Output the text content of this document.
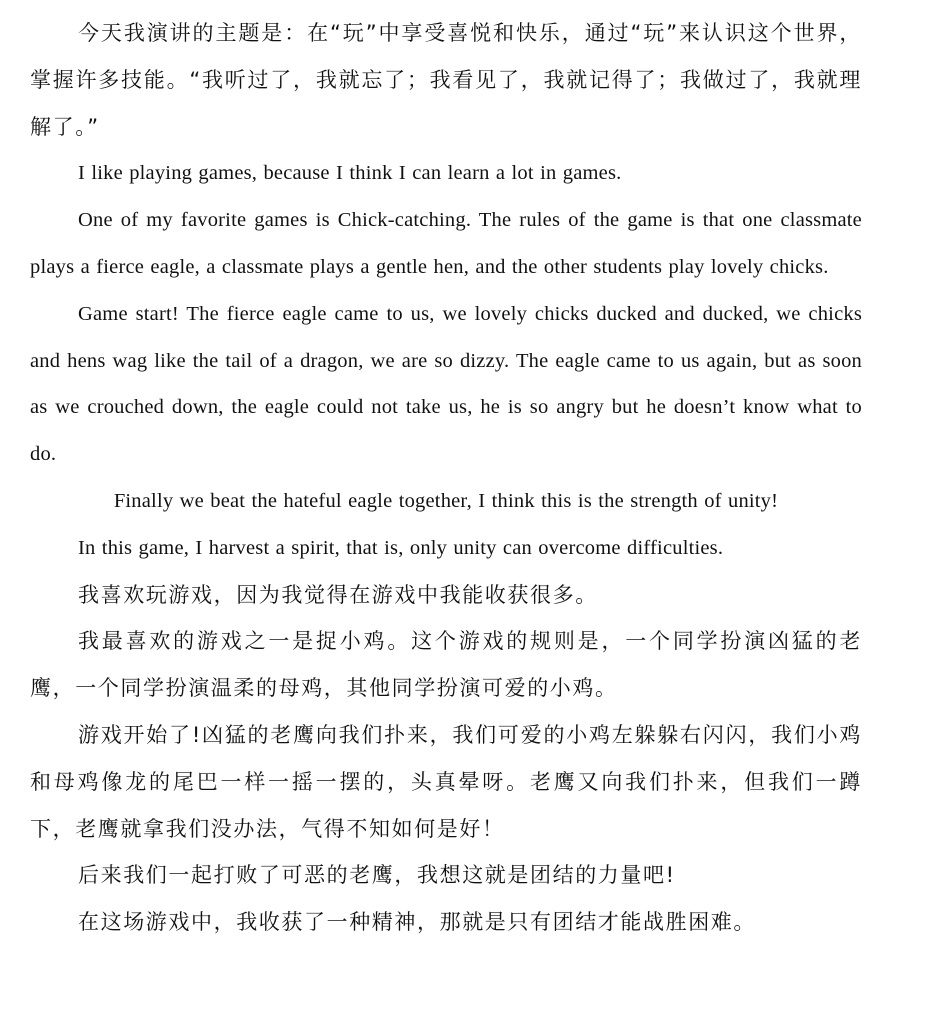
今天我演讲的主题是：在“玩”中享受喜悦和快乐，通过“玩”来认识这个世界，掌握许多技能。“我听过了，我就忘了；我看见了，我就记得了；我做过了，我就理解了。”

I like playing games, because I think I can learn a lot in games.

One of my favorite games is Chick-catching. The rules of the game is that one classmate plays a fierce eagle, a classmate plays a gentle hen, and the other students play lovely chicks.

Game start! The fierce eagle came to us, we lovely chicks ducked and ducked, we chicks and hens wag like the tail of a dragon, we are so dizzy. The eagle came to us again, but as soon as we crouched down, the eagle could not take us, he is so angry but he doesn’t know what to do.

Finally we beat the hateful eagle together, I think this is the strength of unity!

In this game, I harvest a spirit, that is, only unity can overcome difficulties.

我喜欢玩游戏，因为我觉得在游戏中我能收获很多。

我最喜欢的游戏之一是捉小鸡。这个游戏的规则是，一个同学扮演凶猛的老鹰，一个同学扮演温柔的母鸡，其他同学扮演可爱的小鸡。

游戏开始了!凶猛的老鹰向我们扑来，我们可爱的小鸡左躲躲右闪闪，我们小鸡和母鸡像龙的尾巴一样一摇一摆的，头真晕呀。老鹰又向我们扑来，但我们一蹲下，老鹰就拿我们没办法，气得不知如何是好！

后来我们一起打败了可恶的老鹰，我想这就是团结的力量吧!

在这场游戏中，我收获了一种精神，那就是只有团结才能战胜困难。
